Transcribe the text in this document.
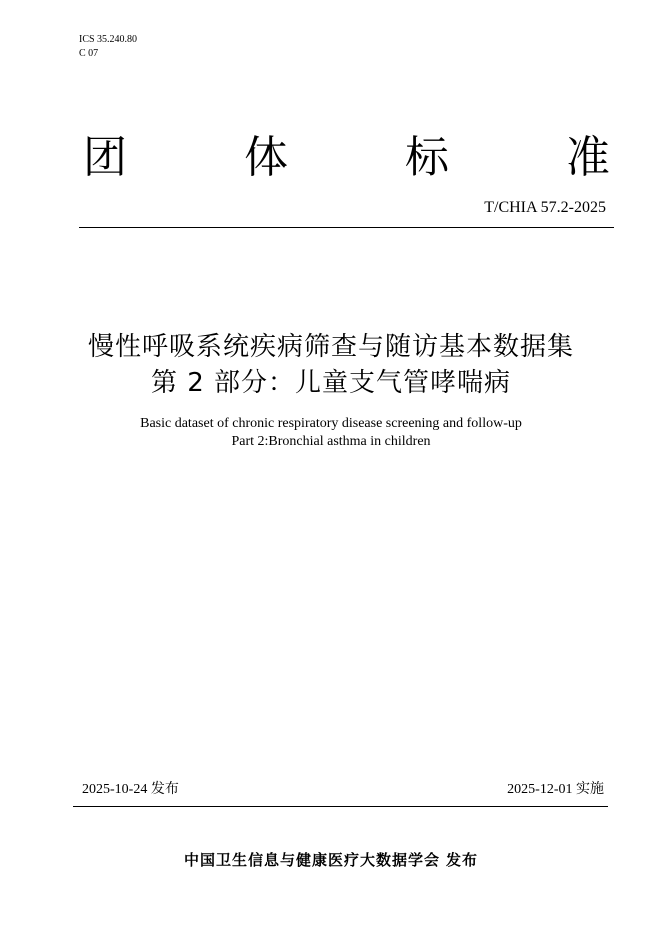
ICS 35.240.80
C 07
团	体	标	准
T/CHIA 57.2-2025
慢性呼吸系统疾病筛查与随访基本数据集
第 2 部分：儿童支气管哮喘病
Basic dataset of chronic respiratory disease screening and follow-up
Part 2:Bronchial asthma in children
2025-10-24 发布	2025-12-01 实施
中国卫生信息与健康医疗大数据学会 发布
